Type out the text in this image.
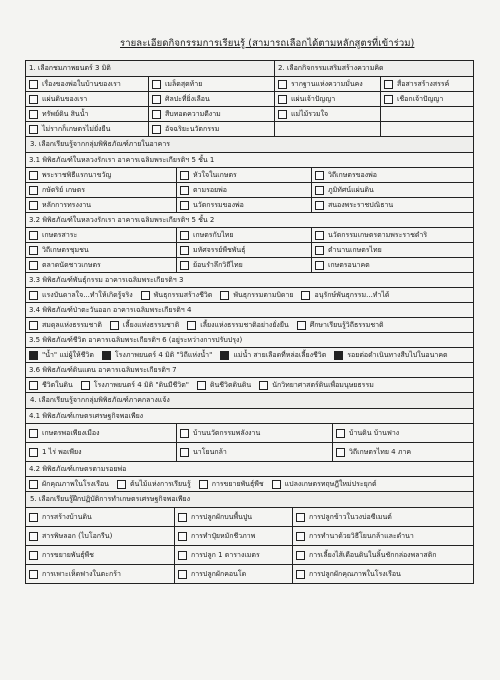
รายละเอียดกิจกรรมการเรียนรู้ (สามารถเลือกได้ตามหลักสูตรที่เข้าร่วม)
1. เลือกชมภาพยนตร์ 3 มิติ	2. เลือกกิจกรรมเสริมสร้างความคิด
เรื่องของพ่อในบ้านของเรา	เมล็ดสุดท้าย	รากฐานแห่งความมั่นคง	สื่อสารสร้างสรรค์
แผ่นดินของเรา	ศิลปะที่ยิ่งเลือน	แผ่นเจ้าปัญญา	เชือกเจ้าปัญญา
ทรัพย์ดิน สินน้ำ	สืบทอดความดีงาม	แม่ไม้รวมใจ
ไม่รากก็เกษตรไม่ยั่งยืน	อัจฉริยะนวัตกรรม
3. เลือกเรียนรู้จากกลุ่มพิพิธภัณฑ์ภายในอาคาร
3.1 พิพิธภัณฑ์ในหลวงรักเรา อาคารเฉลิมพระเกียรติฯ 5 ชั้น 1
พระราชพิธีแรกนาขวัญ	หัวใจในเกษตร	วิถีเกษตรของพ่อ
กษัตริย์ เกษตร	ตามรอยพ่อ	ภูมิทัศน์แผ่นดิน
หลักการทรงงาน	นวัตกรรมของพ่อ	สนองพระราชปณิธาน
3.2 พิพิธภัณฑ์ในหลวงรักเรา อาคารเฉลิมพระเกียรติฯ 5 ชั้น 2
เกษตรสาระ	เกษตรกับไทย	นวัตกรรมเกษตรตามพระราชดำริ
วิถีเกษตรชุมชน	มหัศจรรย์พืชพันธุ์	ตำนานเกษตรไทย
ตลาดนัดชาวเกษตร	ย้อนรำลึกวิถีไทย	เกษตรอนาคต
3.3 พิพิธภัณฑ์พันธุ์กรรม อาคารเฉลิมพระเกียรติฯ 3
แรงบันดาลใจ...ทำให้เกิดรู้จริง	พันธุกรรมสร้างชีวิต	พันธุกรรมตามบิดาย	อนุรักษ์พันธุกรรม...ทำได้
3.4 พิพิธภัณฑ์ป่าตะวันออก อาคารเฉลิมพระเกียรติฯ 4
สมดุลแห่งธรรมชาติ	เลี้ยงแห่งธรรมชาติ	เลี้ยงแห่งธรรมชาติอย่างยั่งยืน	ศึกษาเรียนรู้วิถีธรรมชาติ
3.5 พิพิธภัณฑ์ชีวิต อาคารเฉลิมพระเกียรติฯ 6 (อยู่ระหว่างการปรับปรุง)
"น้ำ" แม่ผู้ให้ชีวิต	โรงภาพยนตร์ 4 มิติ "วิถีแห่งน้ำ"	แม่น้ำ สายเลือดที่หล่อเลี้ยงชีวิต	รอยต่อดำเนินทางสืบไปในอนาคต
3.6 พิพิธภัณฑ์ดินแดน อาคารเฉลิมพระเกียรติฯ 7
ชีวิตในดิน	โรงภาพยนตร์ 4 มิติ "ดินมีชีวิต"	ดินชีวิตดินดิน	นักวิทยาศาสตร์ดินเพื่อมนุษยธรรม
4. เลือกเรียนรู้จากกลุ่มพิพิธภัณฑ์ภาคกลางแจ้ง
4.1 พิพิธภัณฑ์เกษตรเศรษฐกิจพอเพียง
เกษตรพอเพียงเมือง	บ้านนวัตกรรมพลังงาน	บ้านดิน บ้านฟาง
1 ไร่ พอเพียง	นาโยนกล้า	วิถีเกษตรไทย 4 ภาค
4.2 พิพิธภัณฑ์เกษตรตามรอยพ่อ
ผักคุณภาพในโรงเรือน	ต้นไม้แห่งการเรียนรู้	การขยายพันธุ์พืช	แปลงเกษตรทฤษฎีใหม่ประยุกต์
5. เลือกเรียนรู้ฝึกปฏิบัติการทำเกษตรเศรษฐกิจพอเพียง
การสร้างบ้านดิน	การปลูกผักบนพื้นปูน	การปลูกข้าวในวงบ่อซีเมนต์
สารพิษลอก (ไบโอกรีน)	การทำปุ๋ยหมักชีวภาพ	การทำนาด้วยวิธีโยนกล้าและดำนา
การขยายพันธุ์พืช	การปลูก 1 ตารางเมตร	การเลี้ยงไส้เดือนดินในลิ้นชักกล่องพลาสติก
การเพาะเห็ดฟางในตะกร้า	การปลูกผักคอนโด	การปลูกผักคุณภาพในโรงเรือน
